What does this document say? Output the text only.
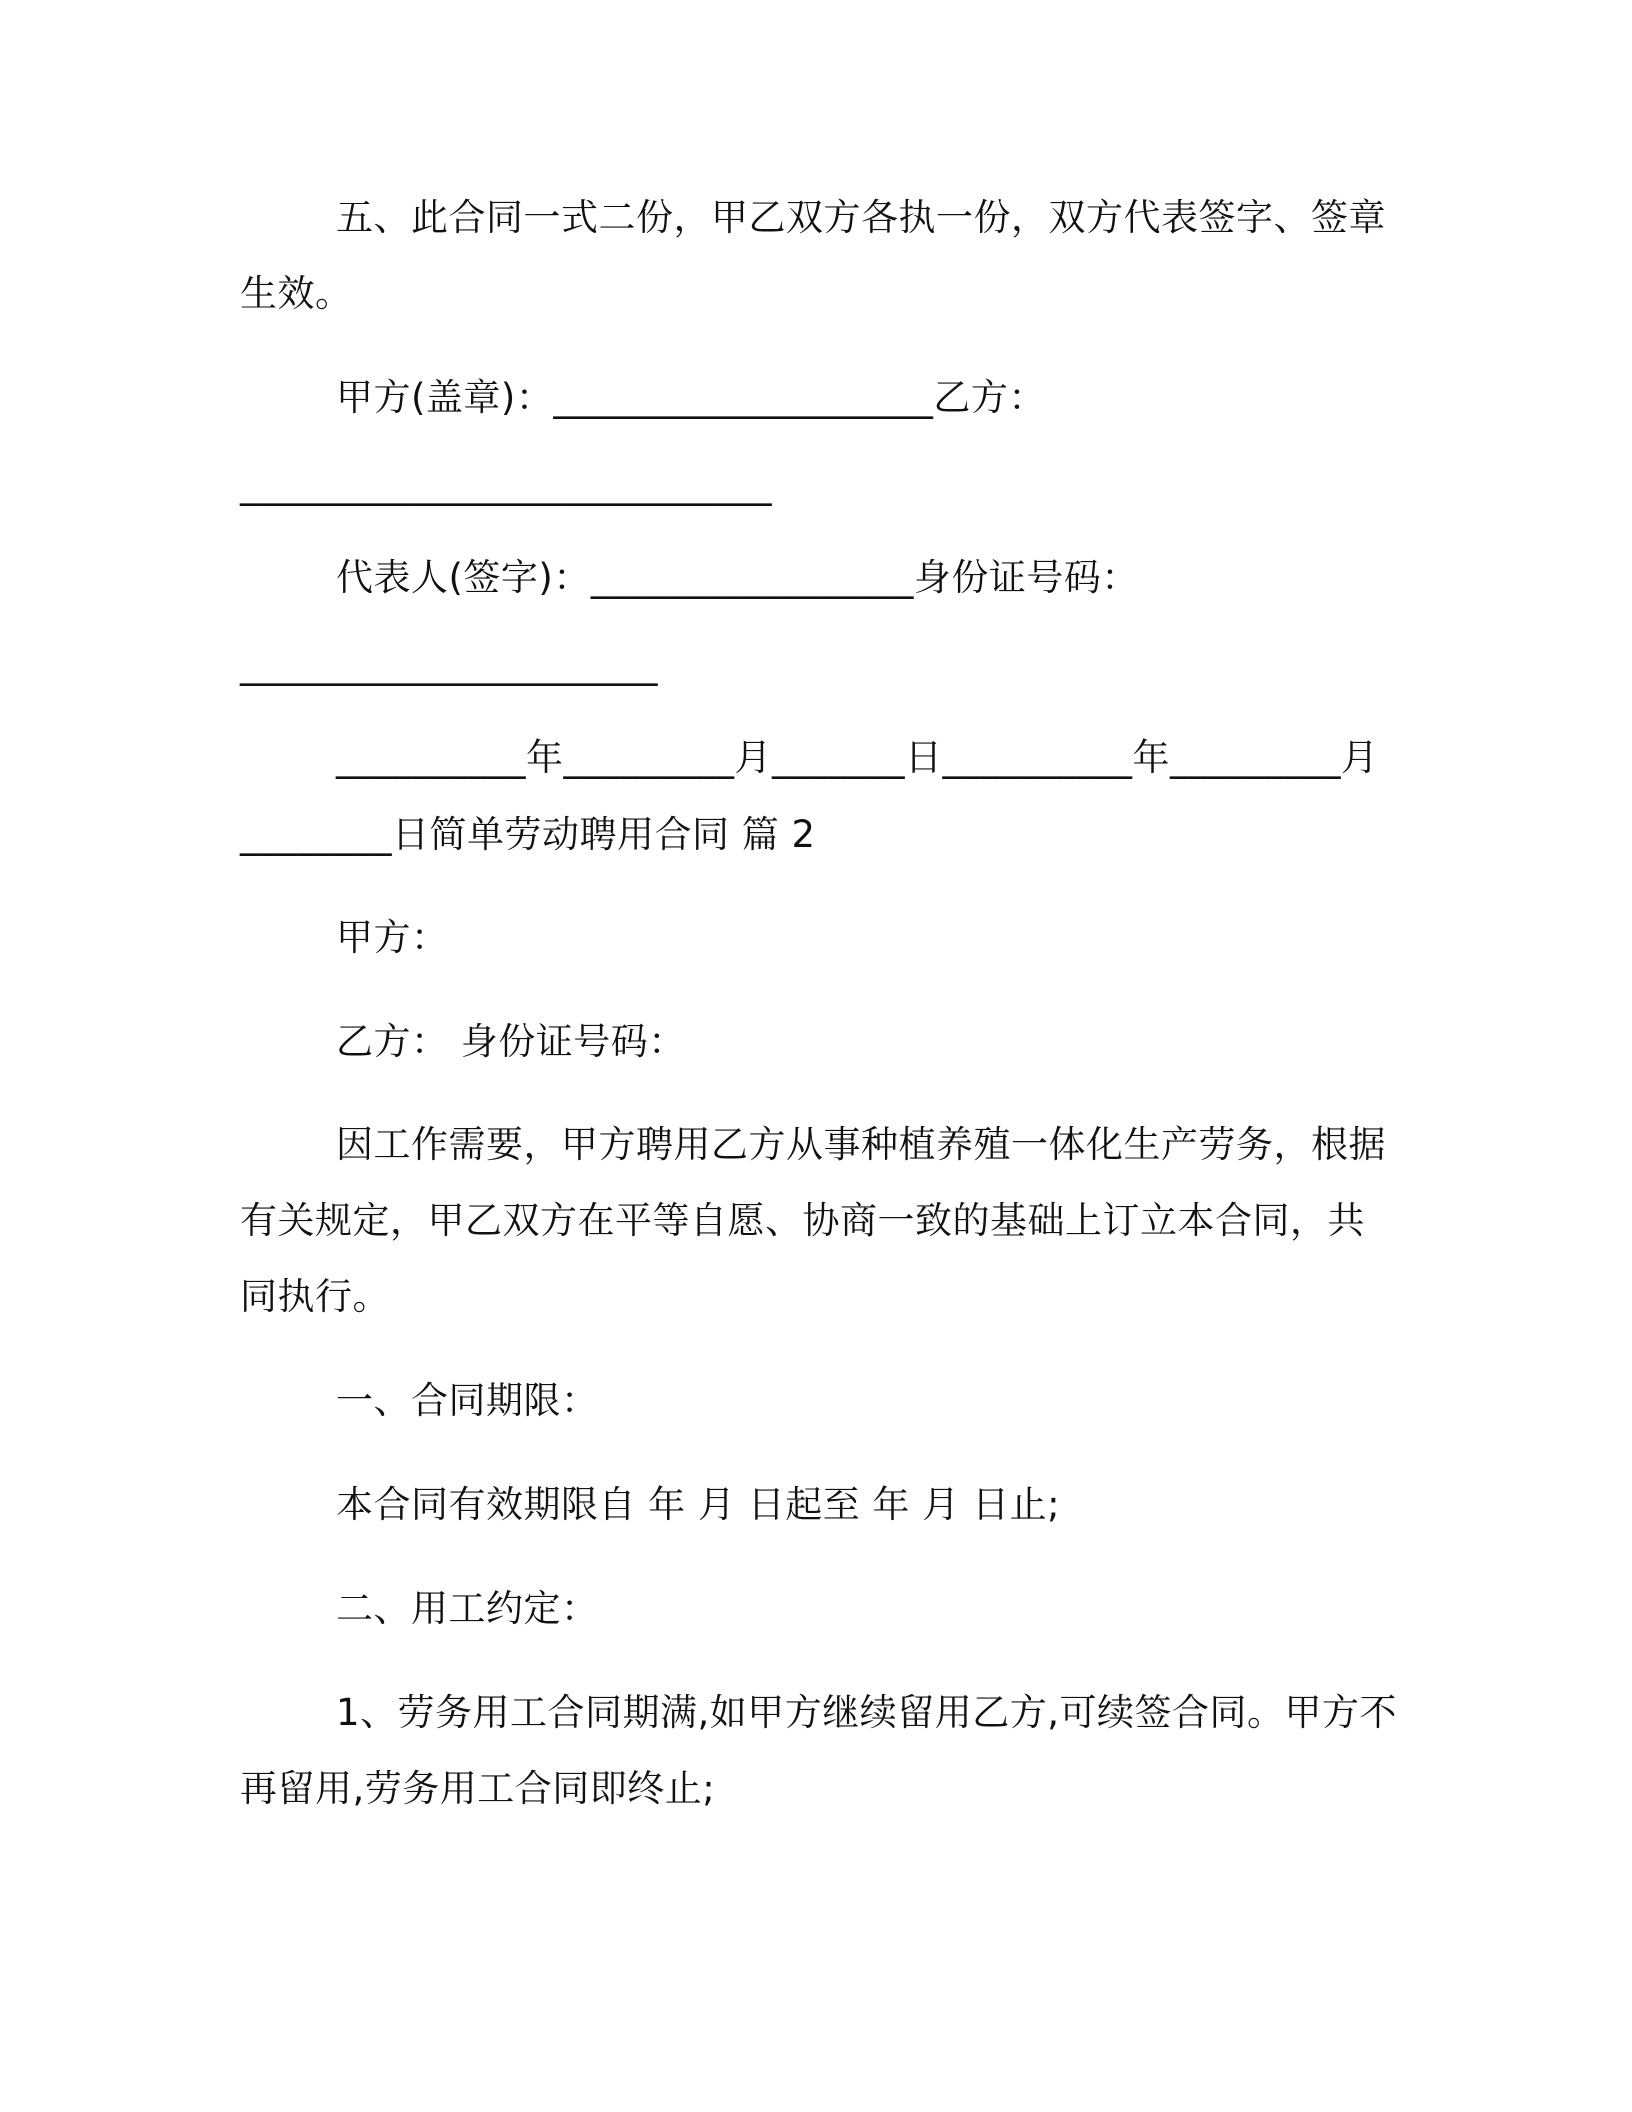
五、此合同一式二份，甲乙双方各执一份，双方代表签字、签章
生效。
甲方(盖章)：____________________乙方：
____________________________
代表人(签字)：_________________身份证号码：
______________________
__________年_________月_______日__________年_________月
________日简单劳动聘用合同 篇 2
甲方：
乙方： 身份证号码：
因工作需要，甲方聘用乙方从事种植养殖一体化生产劳务，根据
有关规定，甲乙双方在平等自愿、协商一致的基础上订立本合同，共
同执行。
一、合同期限：
本合同有效期限自 年 月 日起至 年 月 日止;
二、用工约定：
1、劳务用工合同期满,如甲方继续留用乙方,可续签合同。甲方不
再留用,劳务用工合同即终止;
